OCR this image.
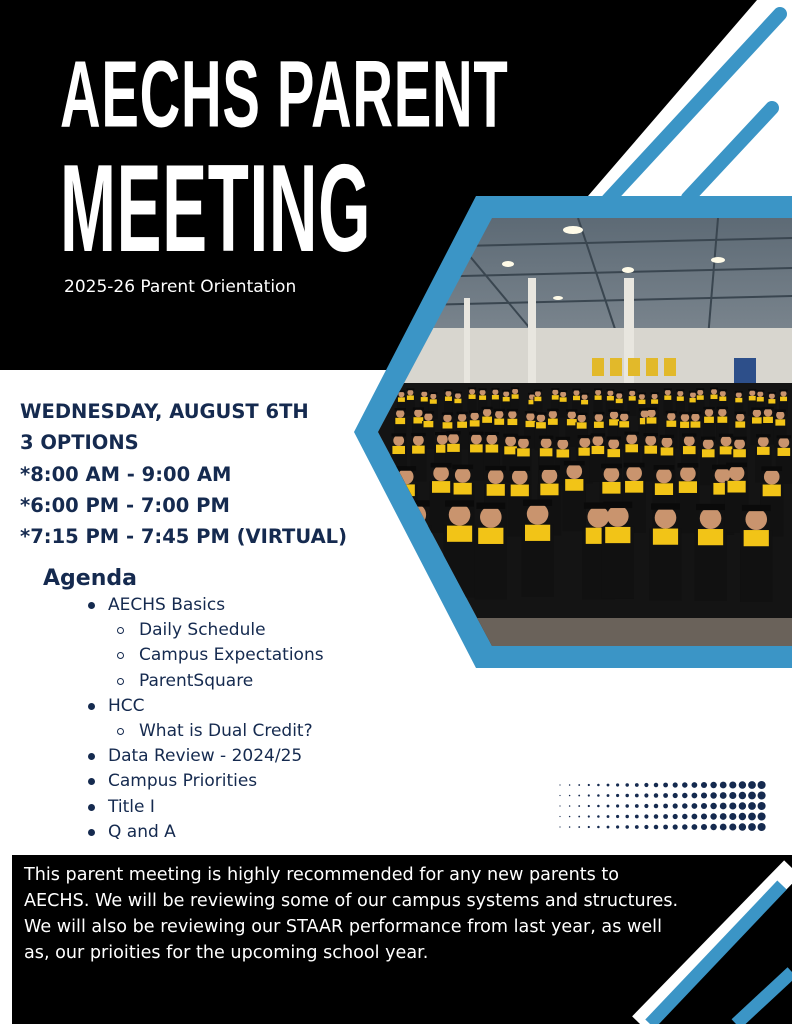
AECHS PARENT
MEETING
2025-26 Parent Orientation
WEDNESDAY, AUGUST 6TH
3 OPTIONS
*8:00 AM - 9:00 AM
*6:00 PM - 7:00 PM
*7:15 PM - 7:45 PM (VIRTUAL)
Agenda
AECHS Basics
Daily Schedule
Campus Expectations
ParentSquare
HCC
What is Dual Credit?
Data Review - 2024/25
Campus Priorities
Title I
Q and A
This parent meeting is highly recommended for any new parents to AECHS. We will be reviewing some of our campus systems and structures. We will also be reviewing our STAAR performance from last year, as well as, our prioities for the upcoming school year.
